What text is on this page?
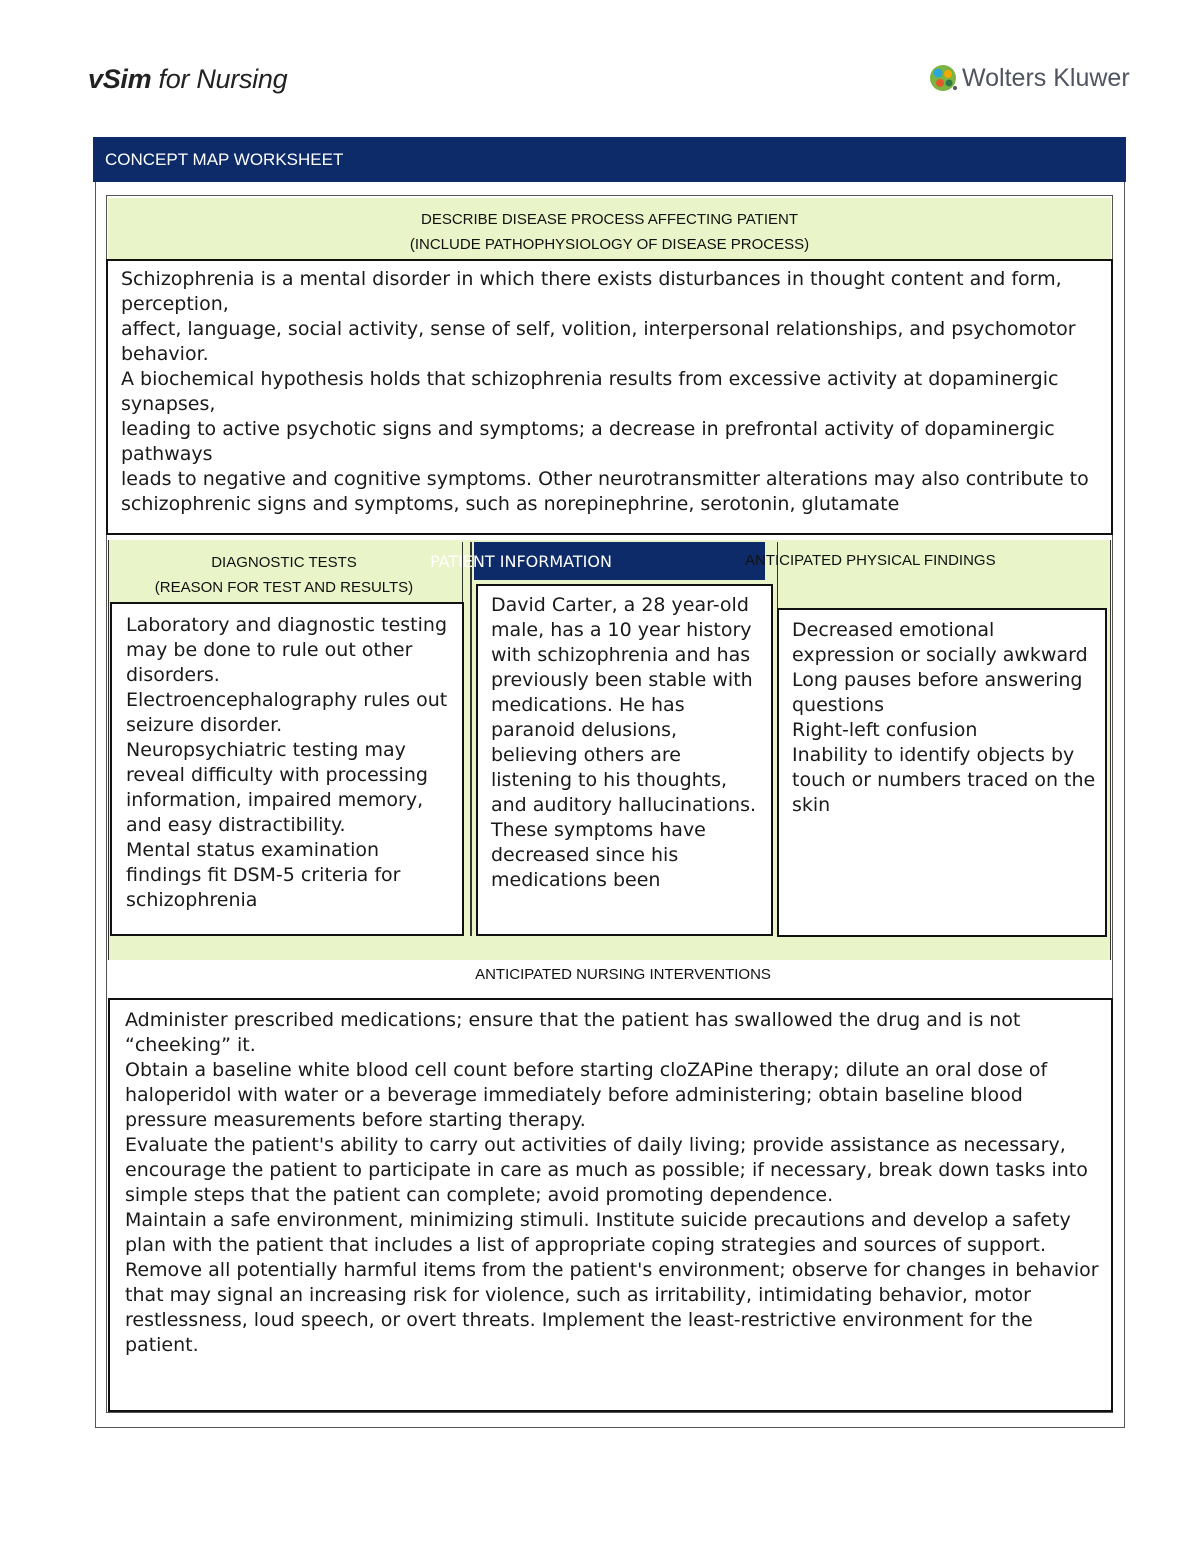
vSim for Nursing	Wolters Kluwer
CONCEPT MAP WORKSHEET
DESCRIBE DISEASE PROCESS AFFECTING PATIENT
(INCLUDE PATHOPHYSIOLOGY OF DISEASE PROCESS)

Schizophrenia is a mental disorder in which there exists disturbances in thought content and form, perception,

affect, language, social activity, sense of self, volition, interpersonal relationships, and psychomotor behavior.

A biochemical hypothesis holds that schizophrenia results from excessive activity at dopaminergic synapses,

leading to active psychotic signs and symptoms; a decrease in prefrontal activity of dopaminergic pathways

leads to negative and cognitive symptoms. Other neurotransmitter alterations may also contribute to

schizophrenic signs and symptoms, such as norepinephrine, serotonin, glutamate

DIAGNOSTIC TESTS
(REASON FOR TEST AND RESULTS)

Laboratory and diagnostic testing may be done to rule out other disorders.

Electroencephalography rules out seizure disorder.

Neuropsychiatric testing may reveal difficulty with processing information, impaired memory, and easy distractibility.

Mental status examination findings fit DSM-5 criteria for schizophrenia

David Carter, a 28 year-old male, has a 10 year history with schizophrenia and has previously been stable with medications. He has paranoid delusions, believing others are listening to his thoughts, and auditory hallucinations. These symptoms have decreased since his medications been

PATIENT INFORMATION	ANTICIPATED PHYSICAL FINDINGS

Decreased emotional expression or socially awkward

Long pauses before answering questions

Right-left confusion

Inability to identify objects by touch or numbers traced on the skin

ANTICIPATED NURSING INTERVENTIONS

Administer prescribed medications; ensure that the patient has swallowed the drug and is not “cheeking” it.

Obtain a baseline white blood cell count before starting cloZAPine therapy; dilute an oral dose of haloperidol with water or a beverage immediately before administering; obtain baseline blood pressure measurements before starting therapy.

Evaluate the patient's ability to carry out activities of daily living; provide assistance as necessary, encourage the patient to participate in care as much as possible; if necessary, break down tasks into simple steps that the patient can complete; avoid promoting dependence.

Maintain a safe environment, minimizing stimuli. Institute suicide precautions and develop a safety plan with the patient that includes a list of appropriate coping strategies and sources of support.

Remove all potentially harmful items from the patient's environment; observe for changes in behavior that may signal an increasing risk for violence, such as irritability, intimidating behavior, motor restlessness, loud speech, or overt threats. Implement the least-restrictive environment for the patient.
